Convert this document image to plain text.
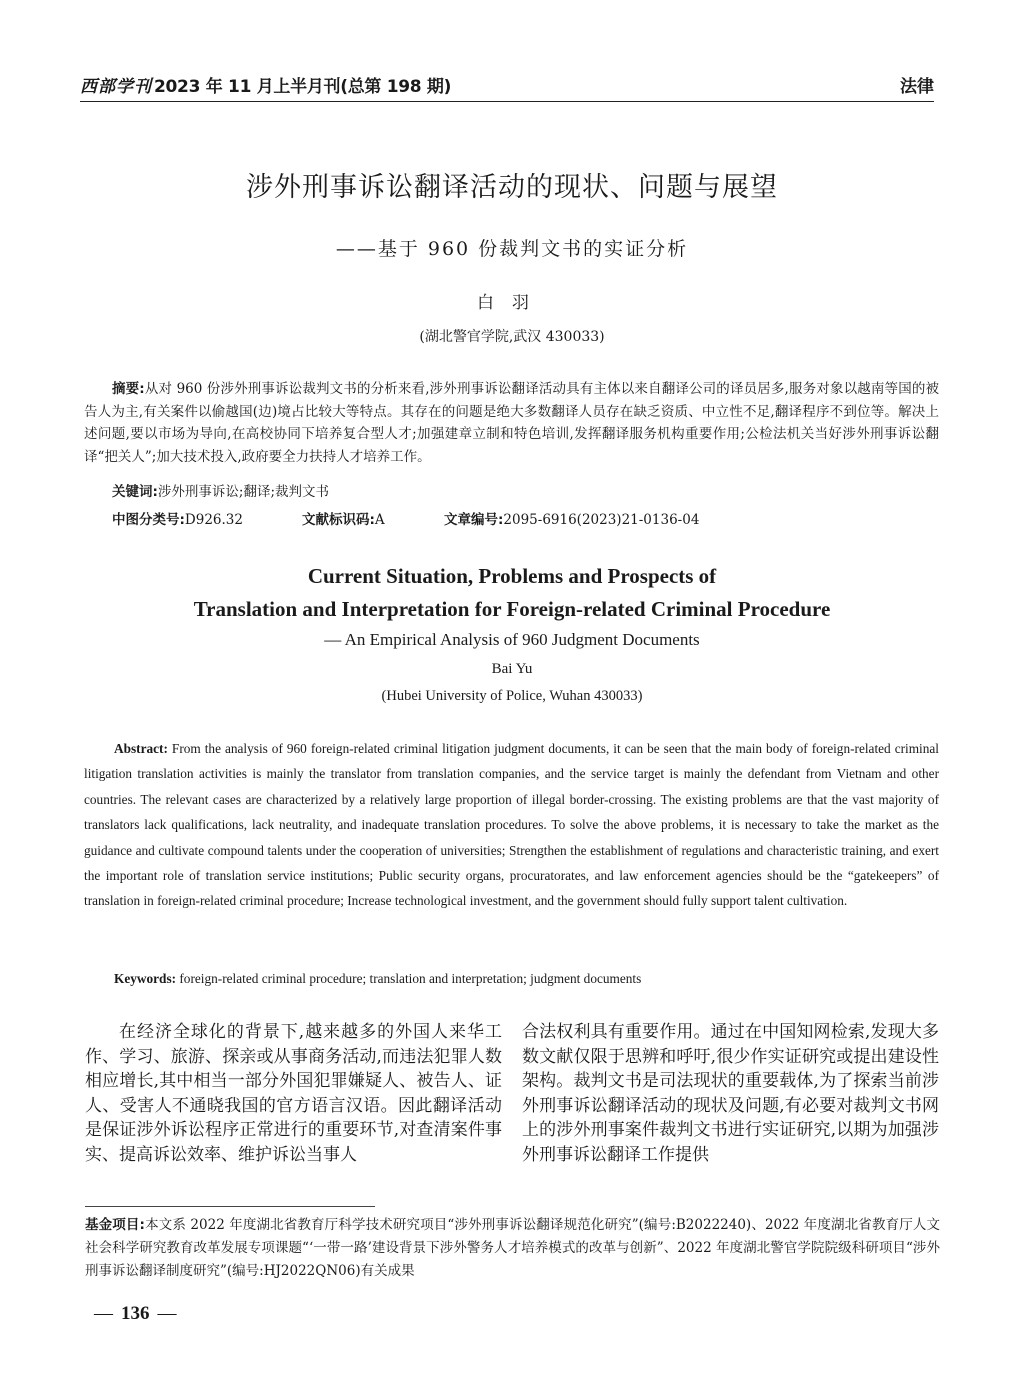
西部学刊 2023 年 11 月上半月刊(总第 198 期)	法律
涉外刑事诉讼翻译活动的现状、问题与展望
——基于 960 份裁判文书的实证分析
白羽
(湖北警官学院,武汉 430033)
摘要:从对 960 份涉外刑事诉讼裁判文书的分析来看,涉外刑事诉讼翻译活动具有主体以来自翻译公司的译员居多,服务对象以越南等国的被告人为主,有关案件以偷越国(边)境占比较大等特点。其存在的问题是绝大多数翻译人员存在缺乏资质、中立性不足,翻译程序不到位等。解决上述问题,要以市场为导向,在高校协同下培养复合型人才;加强建章立制和特色培训,发挥翻译服务机构重要作用;公检法机关当好涉外刑事诉讼翻译“把关人”;加大技术投入,政府要全力扶持人才培养工作。
关键词:涉外刑事诉讼;翻译;裁判文书
中图分类号:D926.32	文献标识码:A	文章编号:2095-6916(2023)21-0136-04
Current Situation, Problems and Prospects of
Translation and Interpretation for Foreign-related Criminal Procedure
— An Empirical Analysis of 960 Judgment Documents
Bai Yu
(Hubei University of Police, Wuhan 430033)
Abstract: From the analysis of 960 foreign-related criminal litigation judgment documents, it can be seen that the main body of foreign-related criminal litigation translation activities is mainly the translator from translation companies, and the service target is mainly the defendant from Vietnam and other countries. The relevant cases are characterized by a relatively large proportion of illegal border-crossing. The existing problems are that the vast majority of translators lack qualifications, lack neutrality, and inadequate translation procedures. To solve the above problems, it is necessary to take the market as the guidance and cultivate compound talents under the cooperation of universities; Strengthen the establishment of regulations and characteristic training, and exert the important role of translation service institutions; Public security organs, procuratorates, and law enforcement agencies should be the “gatekeepers” of translation in foreign-related criminal procedure; Increase technological investment, and the government should fully support talent cultivation.
Keywords: foreign-related criminal procedure; translation and interpretation; judgment documents
在经济全球化的背景下,越来越多的外国人来华工作、学习、旅游、探亲或从事商务活动,而违法犯罪人数相应增长,其中相当一部分外国犯罪嫌疑人、被告人、证人、受害人不通晓我国的官方语言汉语。因此翻译活动是保证涉外诉讼程序正常进行的重要环节,对查清案件事实、提高诉讼效率、维护诉讼当事人
合法权利具有重要作用。通过在中国知网检索,发现大多数文献仅限于思辨和呼吁,很少作实证研究或提出建设性架构。裁判文书是司法现状的重要载体,为了探索当前涉外刑事诉讼翻译活动的现状及问题,有必要对裁判文书网上的涉外刑事案件裁判文书进行实证研究,以期为加强涉外刑事诉讼翻译工作提供
基金项目:本文系 2022 年度湖北省教育厅科学技术研究项目“涉外刑事诉讼翻译规范化研究”(编号:B2022240)、2022 年度湖北省教育厅人文社会科学研究教育改革发展专项课题“‘一带一路’建设背景下涉外警务人才培养模式的改革与创新”、2022 年度湖北警官学院院级科研项目“涉外刑事诉讼翻译制度研究”(编号:HJ2022QN06)有关成果
— 136 —
